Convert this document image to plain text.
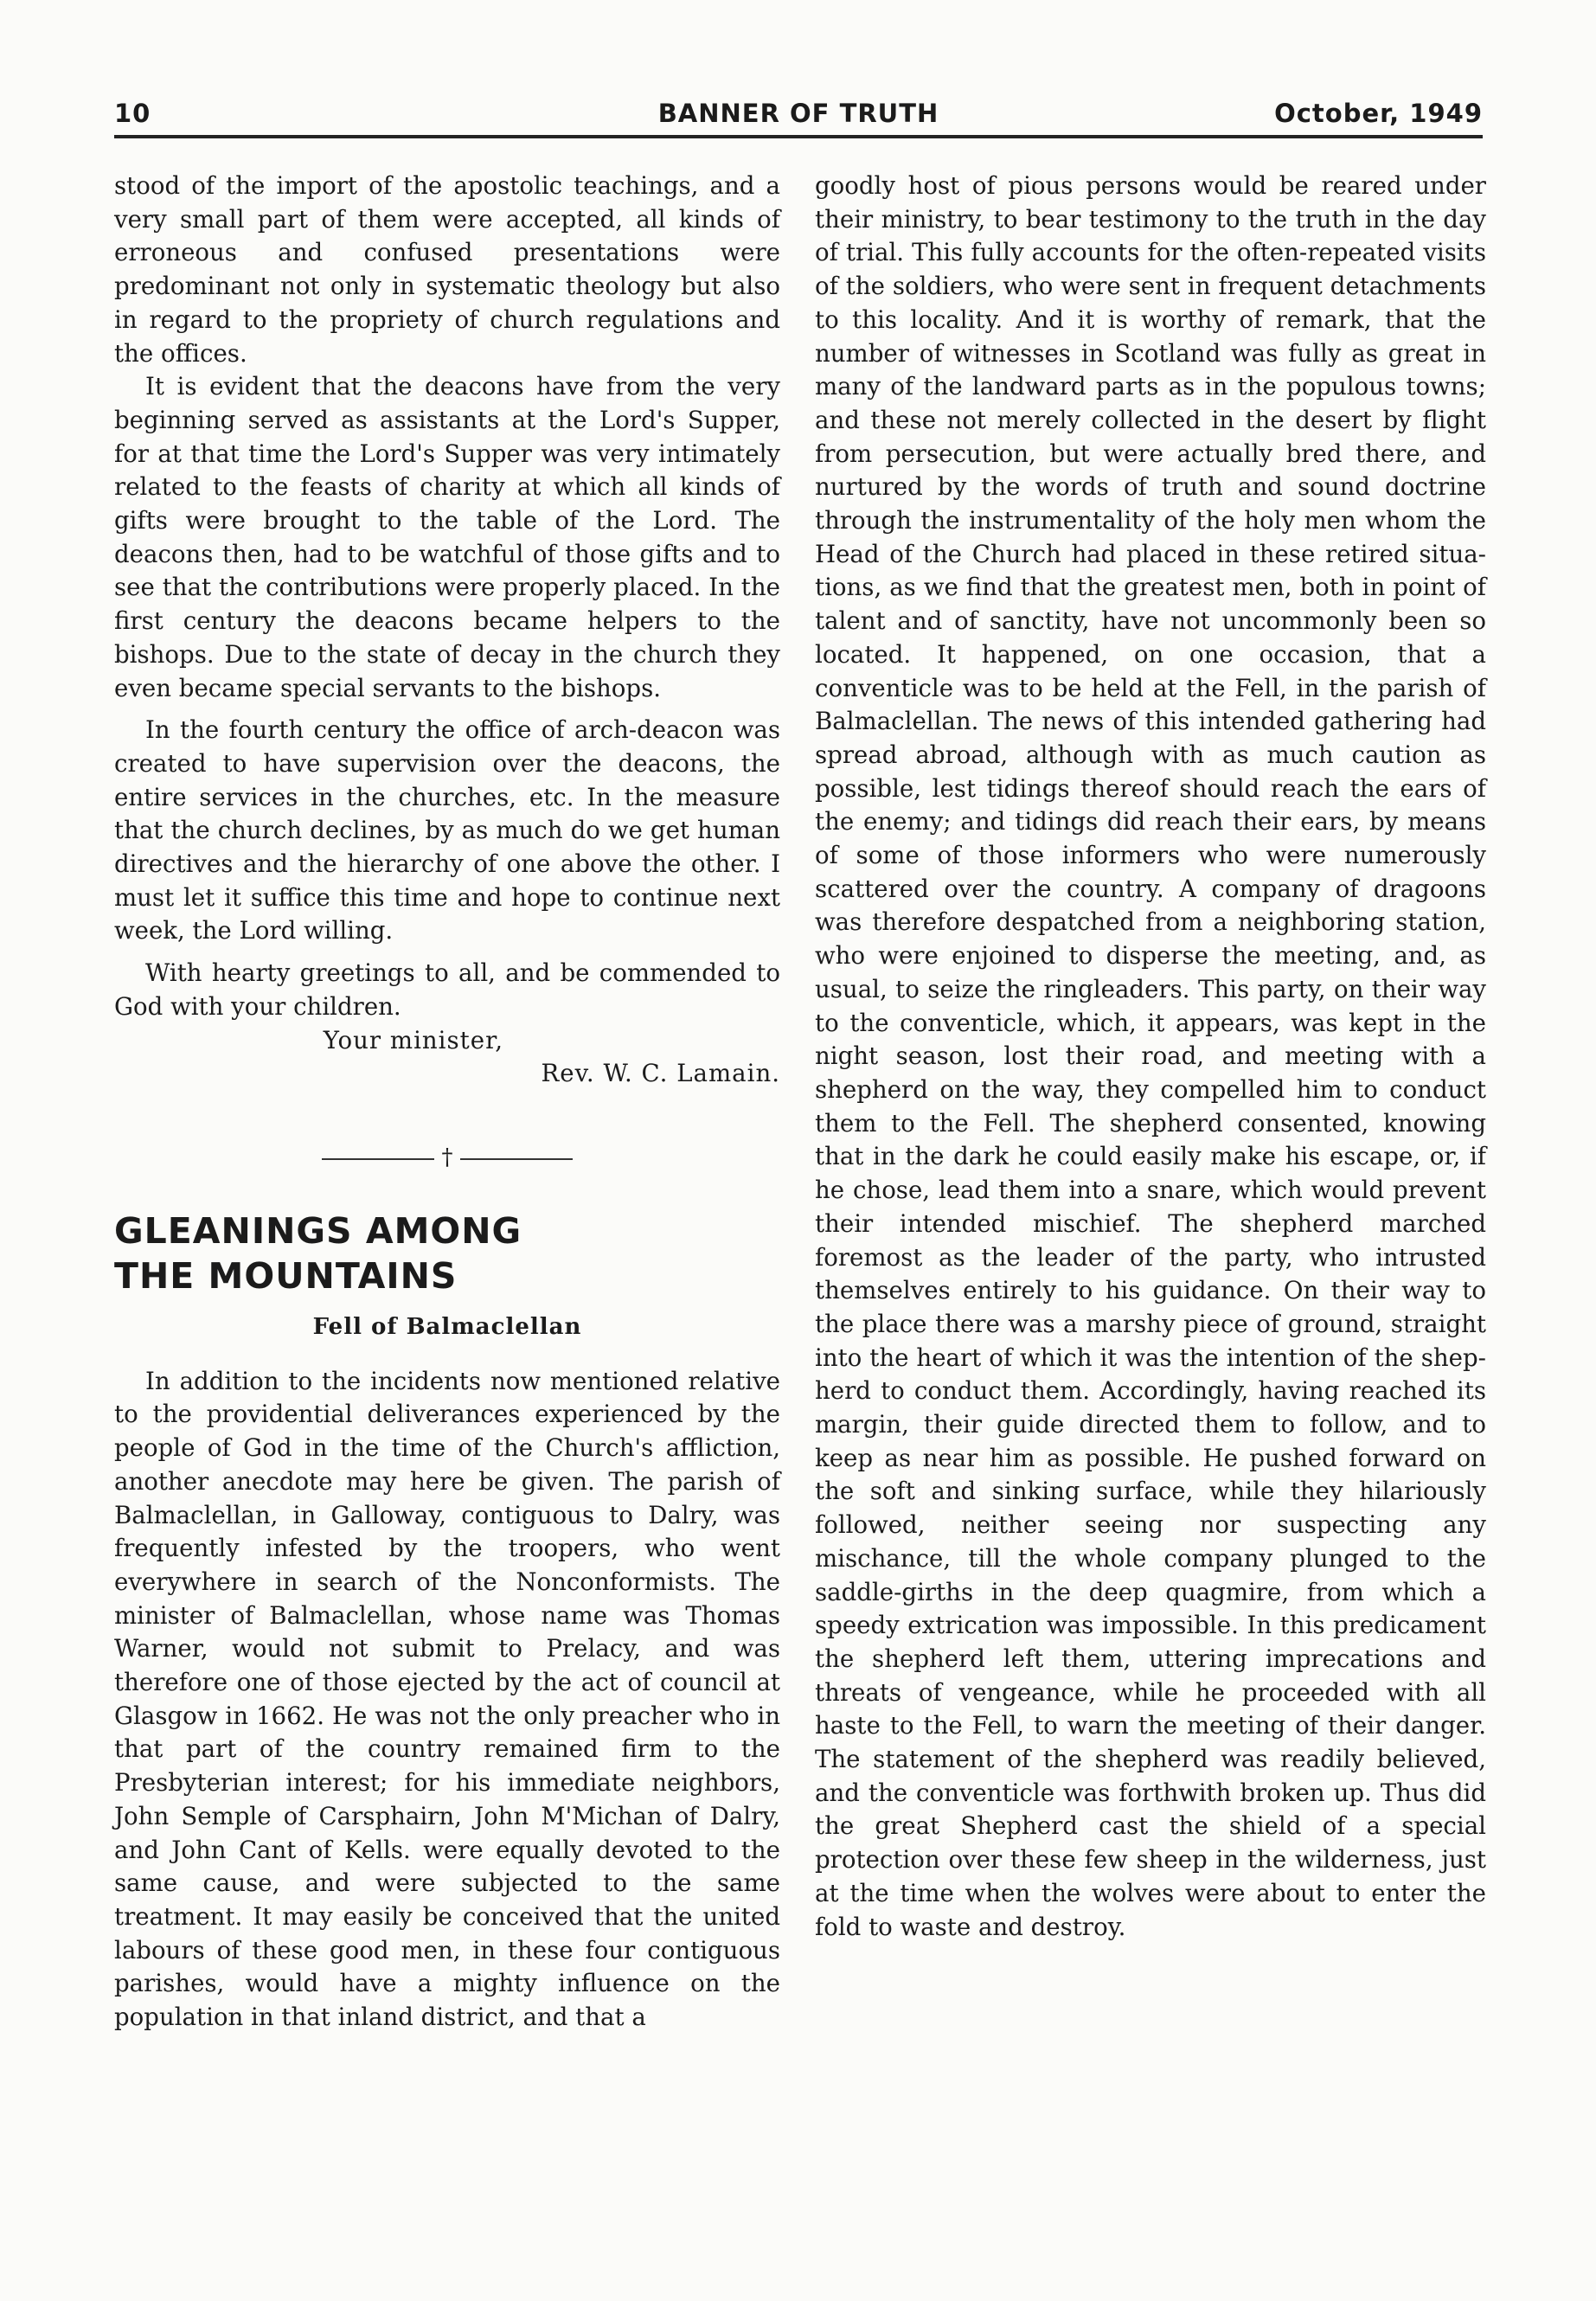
10	BANNER OF TRUTH	October, 1949

stood of the import of the apostolic teachings, and a very small part of them were accepted, all kinds of erroneous and confused presentations were predominant not only in systematic theology but also in regard to the propriety of church regulations and the offices.

It is evident that the deacons have from the very beginning served as assistants at the Lord's Supper, for at that time the Lord's Supper was very intimately related to the feasts of charity at which all kinds of gifts were brought to the table of the Lord. The deacons then, had to be watchful of those gifts and to see that the contributions were properly placed. In the first century the deacons became helpers to the bishops. Due to the state of decay in the church they even became special servants to the bishops.

In the fourth century the office of arch-deacon was created to have supervision over the deacons, the entire services in the churches, etc. In the measure that the church declines, by as much do we get human directives and the hierarchy of one above the other. I must let it suffice this time and hope to continue next week, the Lord willing.

With hearty greetings to all, and be commended to God with your children.

Your minister,

Rev. W. C. Lamain.

†
GLEANINGS AMONG
THE MOUNTAINS
Fell of Balmaclellan

In addition to the incidents now mentioned relative to the providential deliverances experienced by the people of God in the time of the Church's affliction, another anecdote may here be given. The parish of Balmaclellan, in Galloway, contiguous to Dalry, was frequently infested by the troopers, who went everywhere in search of the Nonconformists. The minister of Balmaclellan, whose name was Thomas Warner, would not submit to Prelacy, and was therefore one of those ejected by the act of council at Glasgow in 1662. He was not the only preacher who in that part of the country remained firm to the Presbyterian interest; for his immediate neighbors, John Semple of Carsphairn, John M'Michan of Dalry, and John Cant of Kells. were equally devoted to the same cause, and were subjected to the same treatment. It may easily be conceived that the united labours of these good men, in these four contiguous parishes, would have a mighty influence on the population in that inland district, and that a

goodly host of pious persons would be reared under their ministry, to bear testimony to the truth in the day of trial. This fully accounts for the often-repeated visits of the soldiers, who were sent in frequent detachments to this locality. And it is worthy of remark, that the number of witnesses in Scotland was fully as great in many of the landward parts as in the populous towns; and these not merely collected in the desert by flight from persecution, but were actually bred there, and nurtured by the words of truth and sound doctrine through the instrumentality of the holy men whom the Head of the Church had placed in these retired situations, as we find that the greatest men, both in point of talent and of sanctity, have not uncommonly been so located. It happened, on one occasion, that a conventicle was to be held at the Fell, in the parish of Balmaclellan. The news of this intended gathering had spread abroad, although with as much caution as possible, lest tidings thereof should reach the ears of the enemy; and tidings did reach their ears, by means of some of those informers who were numerously scattered over the country. A company of dragoons was therefore despatched from a neighboring station, who were enjoined to disperse the meeting, and, as usual, to seize the ringleaders. This party, on their way to the conventicle, which, it appears, was kept in the night season, lost their road, and meeting with a shepherd on the way, they compelled him to conduct them to the Fell. The shepherd consented, knowing that in the dark he could easily make his escape, or, if he chose, lead them into a snare, which would prevent their intended mischief. The shepherd marched foremost as the leader of the party, who intrusted themselves entirely to his guidance. On their way to the place there was a marshy piece of ground, straight into the heart of which it was the intention of the shepherd to conduct them. Accordingly, having reached its margin, their guide directed them to follow, and to keep as near him as possible. He pushed forward on the soft and sinking surface, while they hilariously followed, neither seeing nor suspecting any mischance, till the whole company plunged to the saddle-girths in the deep quagmire, from which a speedy extrication was impossible. In this predicament the shepherd left them, uttering imprecations and threats of vengeance, while he proceeded with all haste to the Fell, to warn the meeting of their danger. The statement of the shepherd was readily believed, and the conventicle was forthwith broken up. Thus did the great Shepherd cast the shield of a special protection over these few sheep in the wilderness, just at the time when the wolves were about to enter the fold to waste and destroy.
